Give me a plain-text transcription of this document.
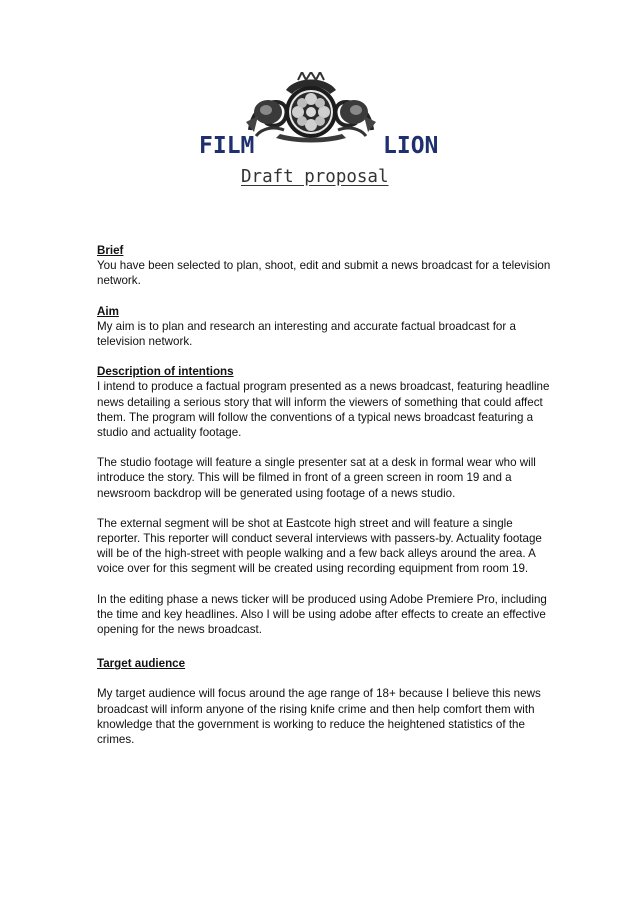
FILM	LION
Draft proposal

Brief

You have been selected to plan, shoot, edit and submit a news broadcast for a television network.

Aim

My aim is to plan and research an interesting and accurate factual broadcast for a television network.

Description of intentions

I intend to produce a factual program presented as a news broadcast, featuring headline news detailing a serious story that will inform the viewers of something that could affect them. The program will follow the conventions of a typical news broadcast featuring a studio and actuality footage.

The studio footage will feature a single presenter sat at a desk in formal wear who will introduce the story. This will be filmed in front of a green screen in room 19 and a newsroom backdrop will be generated using footage of a news studio.

The external segment will be shot at Eastcote high street and will feature a single reporter. This reporter will conduct several interviews with passers-by. Actuality footage will be of the high-street with people walking and a few back alleys around the area. A voice over for this segment will be created using recording equipment from room 19.

In the editing phase a news ticker will be produced using Adobe Premiere Pro, including the time and key headlines. Also I will be using adobe after effects to create an effective opening for the news broadcast.

Target audience

My target audience will focus around the age range of 18+ because I believe this news broadcast will inform anyone of the rising knife crime and then help comfort them with knowledge that the government is working to reduce the heightened statistics of the crimes.
